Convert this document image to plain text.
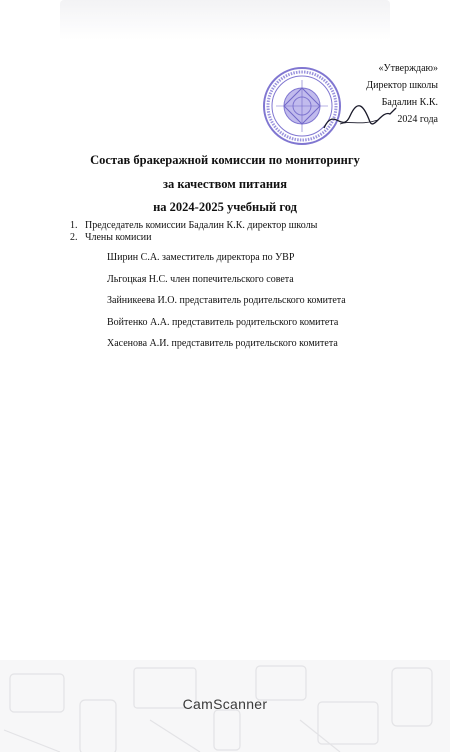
«Утверждаю»
Директор школы
Бадалин К.К.
2024 года
Состав бракеражной комиссии по мониторингу
за качеством питания
на 2024-2025 учебный год
1. Председатель комиссии Бадалин К.К. директор школы
2. Члены комисии
Ширин С.А. заместитель директора по УВР
Льгоцкая Н.С. член попечительского совета
Зайникеева И.О. представитель родительского комитета
Войтенко А.А. представитель родительского комитета
Хасенова А.И. представитель родительского комитета
CamScanner
